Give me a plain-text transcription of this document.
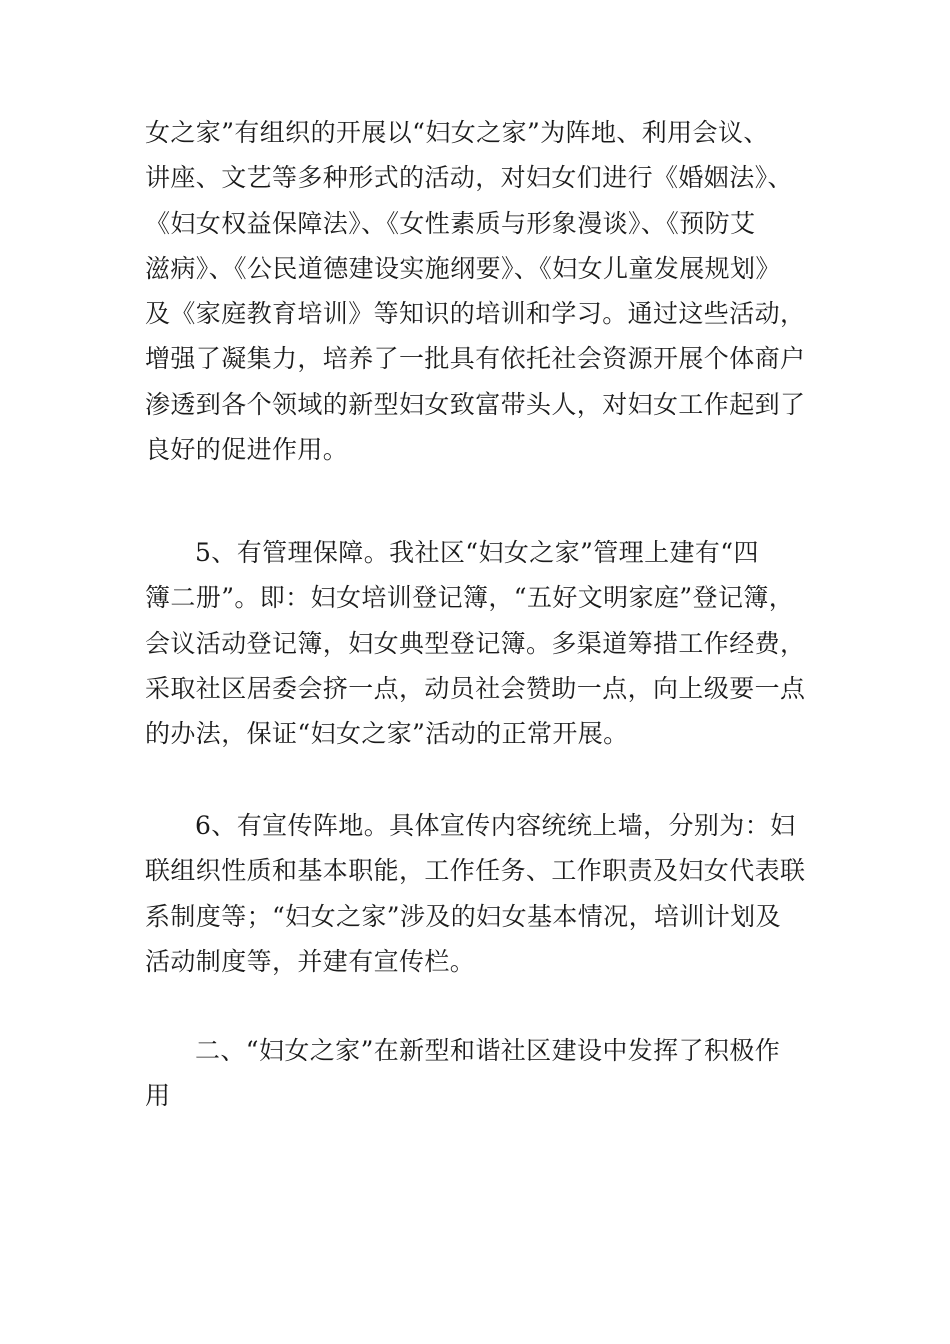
女之家”有组织的开展以“妇女之家”为阵地、利用会议、
讲座、文艺等多种形式的活动，对妇女们进行《婚姻法》、
《妇女权益保障法》、《女性素质与形象漫谈》、《预防艾
滋病》、《公民道德建设实施纲要》、《妇女儿童发展规划》
及《家庭教育培训》等知识的培训和学习。通过这些活动，
增强了凝集力，培养了一批具有依托社会资源开展个体商户
渗透到各个领域的新型妇女致富带头人，对妇女工作起到了
良好的促进作用。
5、有管理保障。我社区“妇女之家”管理上建有“四
簿二册”。即：妇女培训登记簿，“五好文明家庭”登记簿，
会议活动登记簿，妇女典型登记簿。多渠道筹措工作经费，
采取社区居委会挤一点，动员社会赞助一点，向上级要一点
的办法，保证“妇女之家”活动的正常开展。
6、有宣传阵地。具体宣传内容统统上墙，分别为：妇
联组织性质和基本职能，工作任务、工作职责及妇女代表联
系制度等；“妇女之家”涉及的妇女基本情况，培训计划及
活动制度等，并建有宣传栏。
二、“妇女之家”在新型和谐社区建设中发挥了积极作
用
